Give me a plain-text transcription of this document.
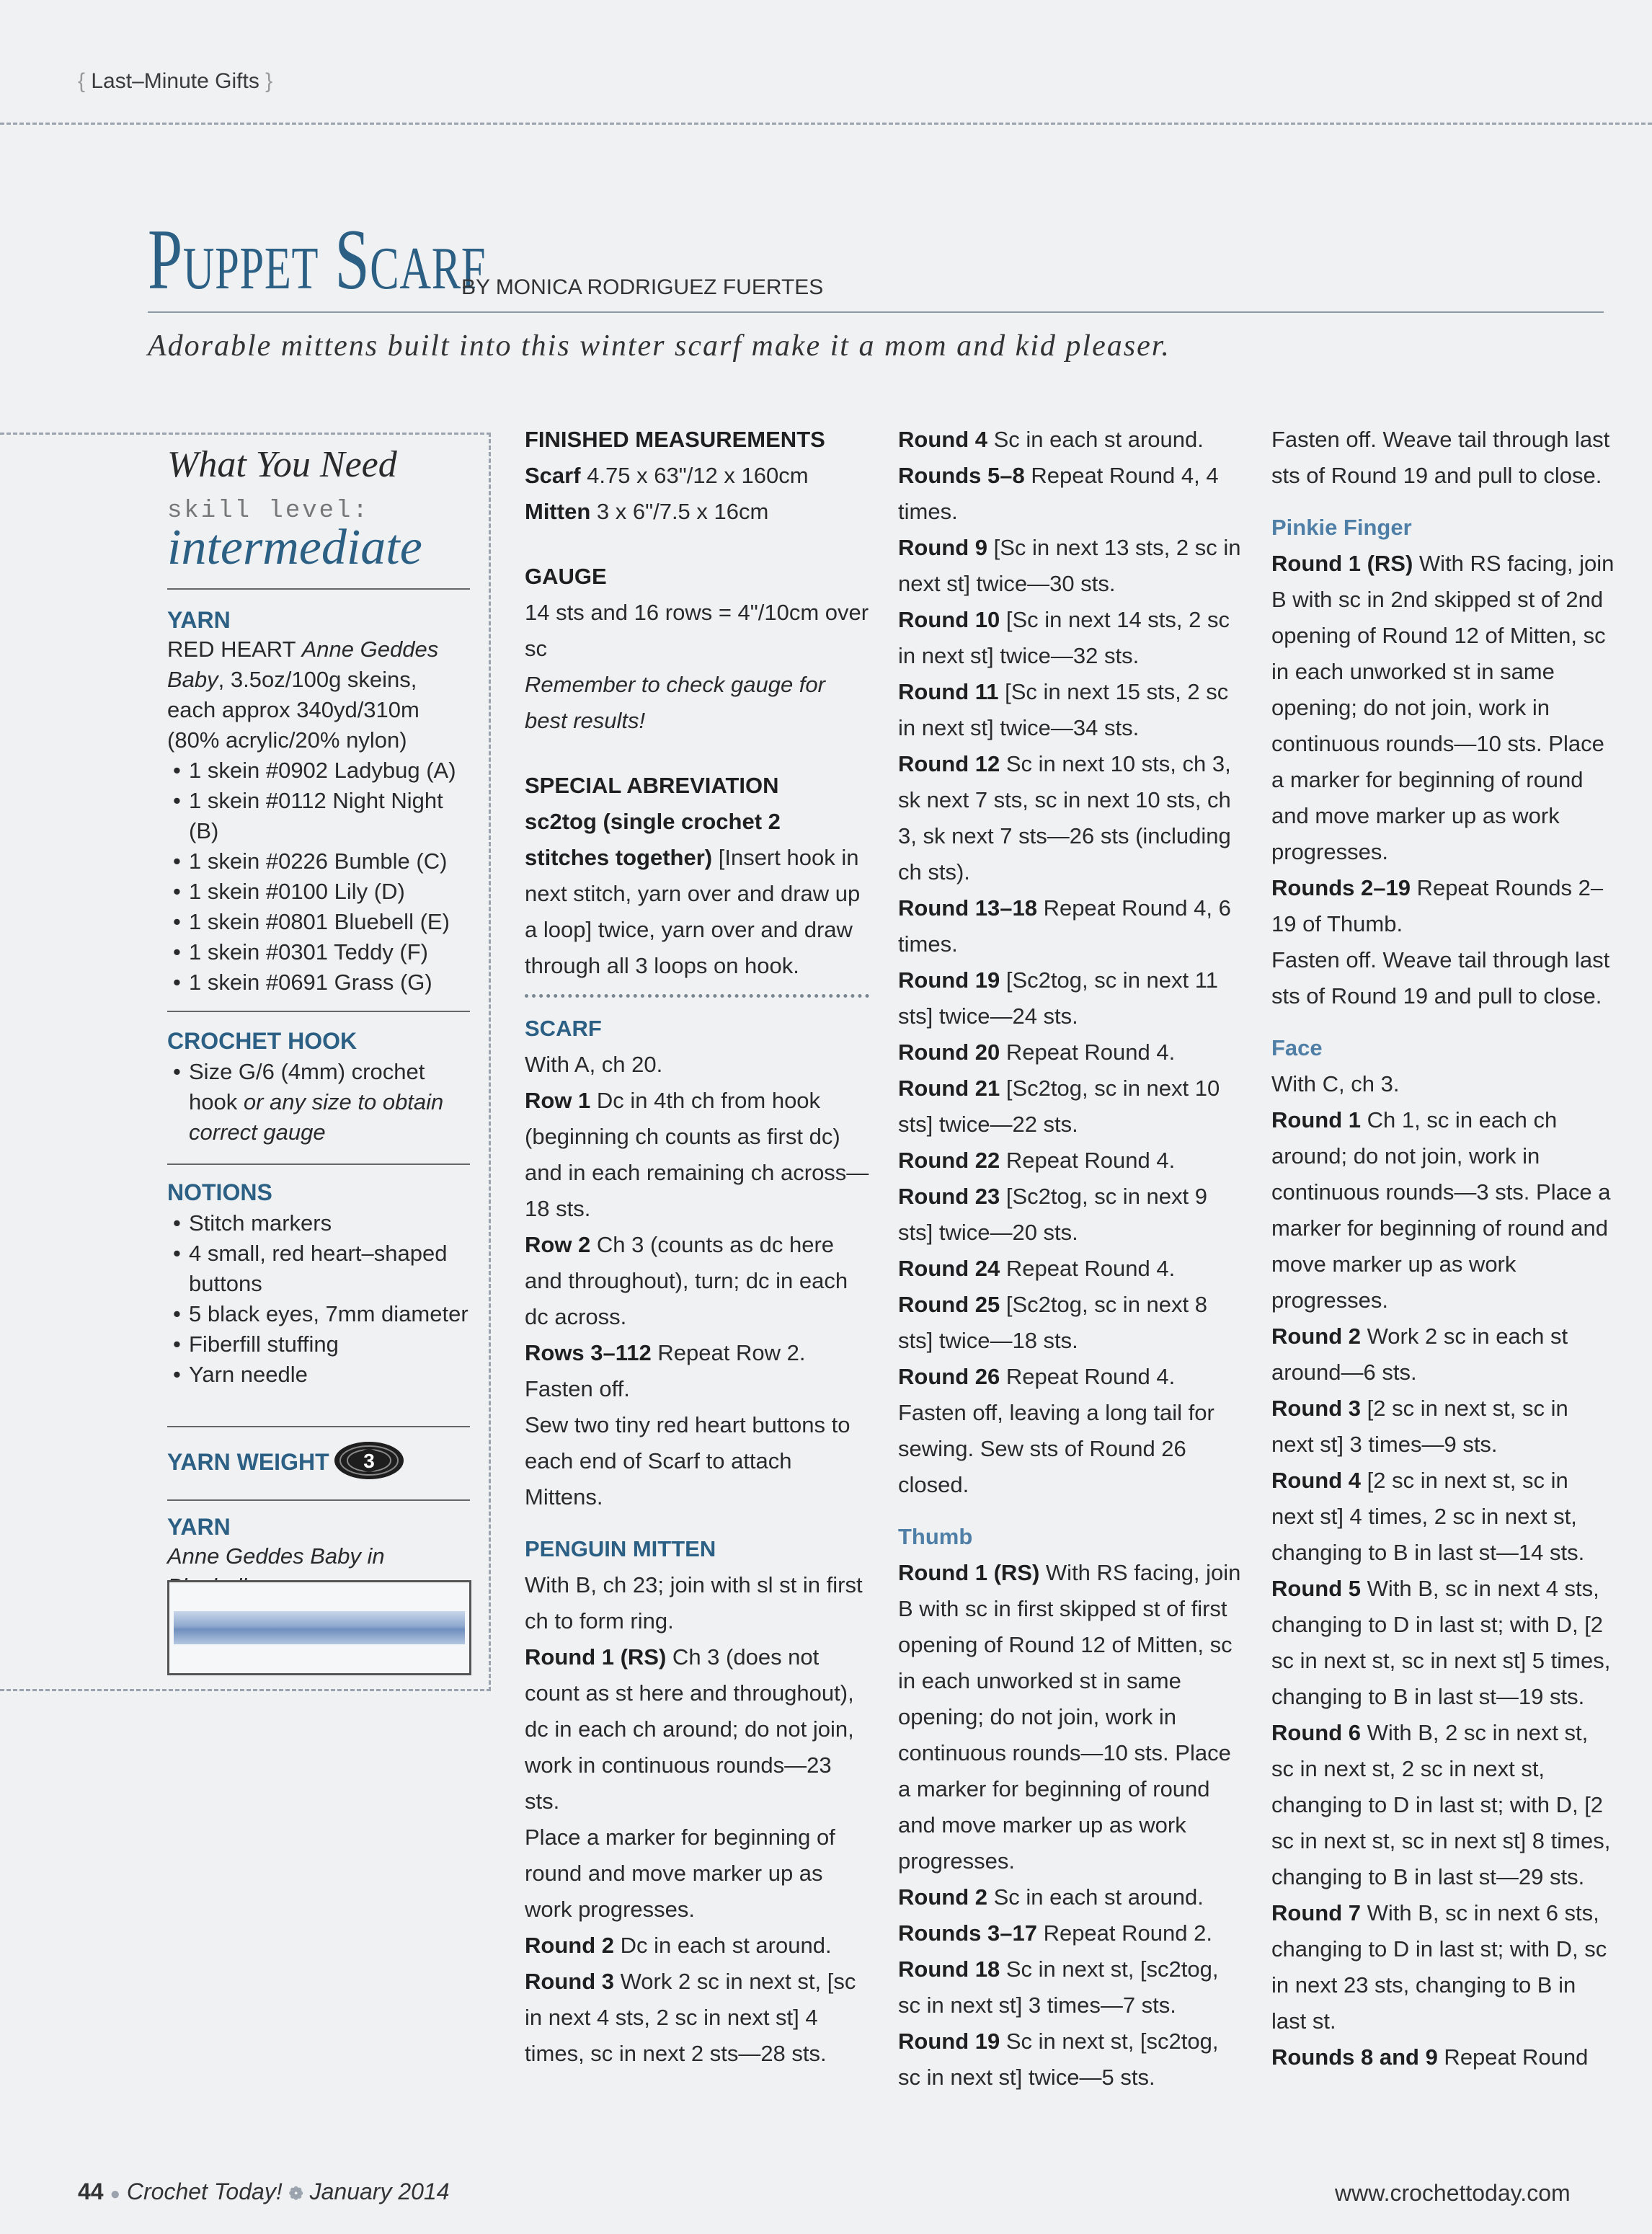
{ Last–Minute Gifts }
Puppet Scarf
BY MONICA RODRIGUEZ FUERTES
Adorable mittens built into this winter scarf make it a mom and kid pleaser.
What You Need
skill level:
intermediate
YARN
RED HEART Anne Geddes Baby, 3.5oz/100g skeins, each approx 340yd/310m (80% acrylic/20% nylon)
• 1 skein #0902 Ladybug (A)
• 1 skein #0112 Night Night (B)
• 1 skein #0226 Bumble (C)
• 1 skein #0100 Lily (D)
• 1 skein #0801 Bluebell (E)
• 1 skein #0301 Teddy (F)
• 1 skein #0691 Grass (G)
CROCHET HOOK
• Size G/6 (4mm) crochet hook or any size to obtain correct gauge
NOTIONS
• Stitch markers
• 4 small, red heart–shaped buttons
• 5 black eyes, 7mm diameter
• Fiberfill stuffing
• Yarn needle
YARN WEIGHT 3
YARN
Anne Geddes Baby in

FINISHED MEASUREMENTS

Scarf 4.75 x 63"/12 x 160cm

Mitten 3 x 6"/7.5 x 16cm

GAUGE

14 sts and 16 rows = 4"/10cm over sc

Remember to check gauge for best results!

SPECIAL ABREVIATION

sc2tog (single crochet 2 stitches together) [Insert hook in next stitch, yarn over and draw up a loop] twice, yarn over and draw through all 3 loops on hook.

SCARF

With A, ch 20.

Row 1 Dc in 4th ch from hook (beginning ch counts as first dc) and in each remaining ch across—18 sts.

Row 2 Ch 3 (counts as dc here and throughout), turn; dc in each dc across.

Rows 3–112 Repeat Row 2.

Fasten off.

Sew two tiny red heart buttons to each end of Scarf to attach Mittens.

PENGUIN MITTEN

With B, ch 23; join with sl st in first ch to form ring.

Round 1 (RS) Ch 3 (does not count as st here and throughout), dc in each ch around; do not join, work in continuous rounds—23 sts.

Place a marker for beginning of round and move marker up as work progresses.

Round 2 Dc in each st around.

Round 3 Work 2 sc in next st, [sc in next 4 sts, 2 sc in next st] 4 times, sc in next 2 sts—28 sts.

Round 4 Sc in each st around.

Rounds 5–8 Repeat Round 4, 4 times.

Round 9 [Sc in next 13 sts, 2 sc in next st] twice—30 sts.

Round 10 [Sc in next 14 sts, 2 sc in next st] twice—32 sts.

Round 11 [Sc in next 15 sts, 2 sc in next st] twice—34 sts.

Round 12 Sc in next 10 sts, ch 3, sk next 7 sts, sc in next 10 sts, ch 3, sk next 7 sts—26 sts (including ch sts).

Round 13–18 Repeat Round 4, 6 times.

Round 19 [Sc2tog, sc in next 11 sts] twice—24 sts.

Round 20 Repeat Round 4.

Round 21 [Sc2tog, sc in next 10 sts] twice—22 sts.

Round 22 Repeat Round 4.

Round 23 [Sc2tog, sc in next 9 sts] twice—20 sts.

Round 24 Repeat Round 4.

Round 25 [Sc2tog, sc in next 8 sts] twice—18 sts.

Round 26 Repeat Round 4.

Fasten off, leaving a long tail for sewing. Sew sts of Round 26 closed.

Thumb

Round 1 (RS) With RS facing, join B with sc in first skipped st of first opening of Round 12 of Mitten, sc in each unworked st in same opening; do not join, work in continuous rounds—10 sts. Place a marker for beginning of round and move marker up as work progresses.

Round 2 Sc in each st around.

Rounds 3–17 Repeat Round 2.

Round 18 Sc in next st, [sc2tog, sc in next st] 3 times—7 sts.

Round 19 Sc in next st, [sc2tog, sc in next st] twice—5 sts.

Fasten off. Weave tail through last sts of Round 19 and pull to close.

Pinkie Finger

Round 1 (RS) With RS facing, join B with sc in 2nd skipped st of 2nd opening of Round 12 of Mitten, sc in each unworked st in same opening; do not join, work in continuous rounds—10 sts. Place a marker for beginning of round and move marker up as work progresses.

Rounds 2–19 Repeat Rounds 2–19 of Thumb.

Fasten off. Weave tail through last sts of Round 19 and pull to close.

Face

With C, ch 3.

Round 1 Ch 1, sc in each ch around; do not join, work in continuous rounds—3 sts. Place a marker for beginning of round and move marker up as work progresses.

Round 2 Work 2 sc in each st around—6 sts.

Round 3 [2 sc in next st, sc in next st] 3 times—9 sts.

Round 4 [2 sc in next st, sc in next st] 4 times, 2 sc in next st, changing to B in last st—14 sts.

Round 5 With B, sc in next 4 sts, changing to D in last st; with D, [2 sc in next st, sc in next st] 5 times, changing to B in last st—19 sts.

Round 6 With B, 2 sc in next st, sc in next st, 2 sc in next st, changing to D in last st; with D, [2 sc in next st, sc in next st] 8 times, changing to B in last st—29 sts.

Round 7 With B, sc in next 6 sts, changing to D in last st; with D, sc in next 23 sts, changing to B in last st.

Rounds 8 and 9 Repeat Round

44 ● Crochet Today! ❁ January 2014	www.crochettoday.com
